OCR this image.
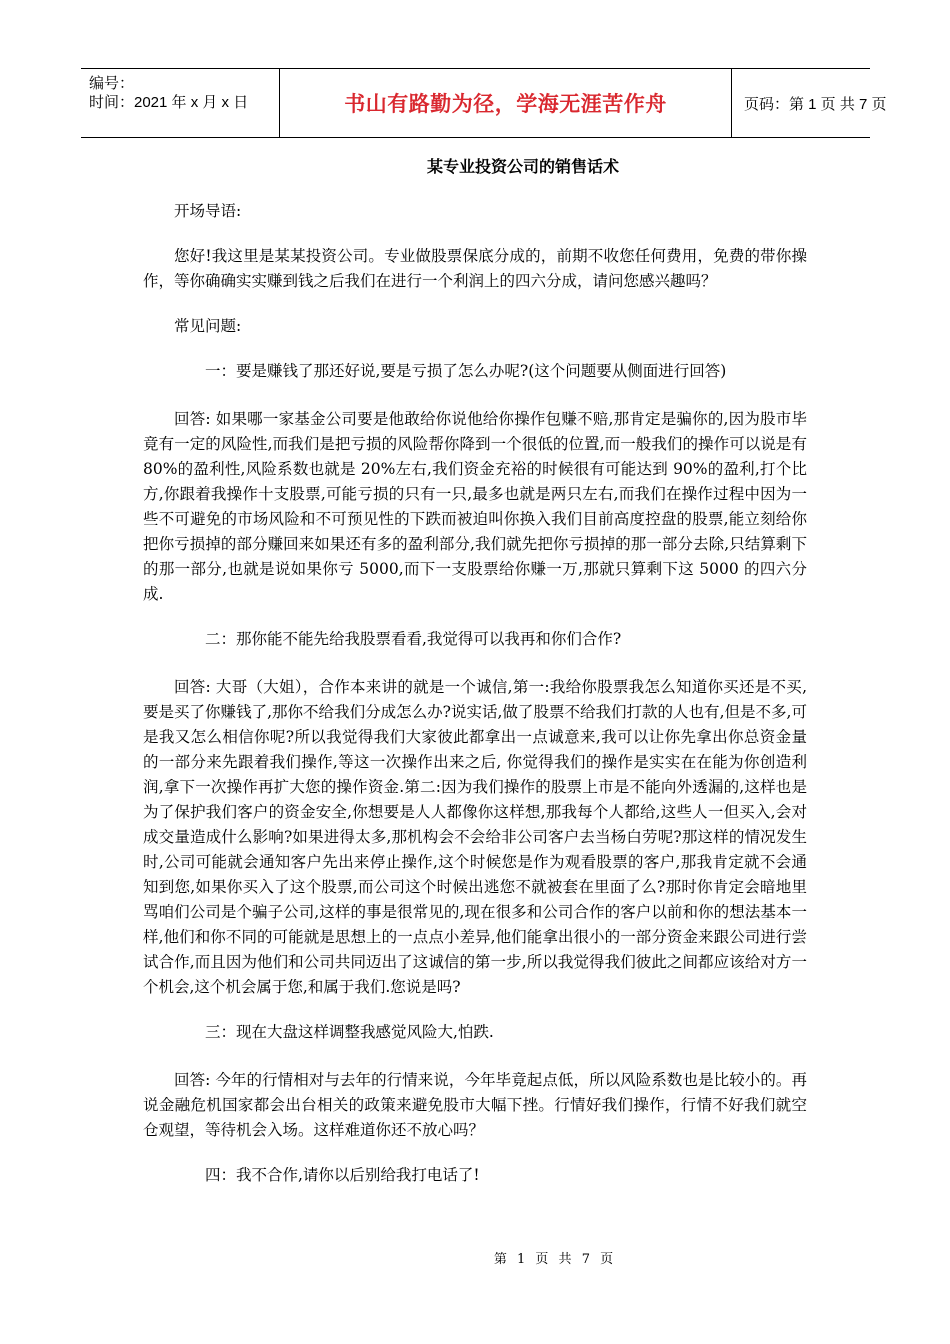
编号：
时间：2021 年 x 月 x 日	书山有路勤为径，学海无涯苦作舟	页码：第 1 页 共 7 页
某专业投资公司的销售话术

开场导语:

您好!我这里是某某投资公司。专业做股票保底分成的，前期不收您任何费用，免费的带你操作，等你确确实实赚到钱之后我们在进行一个利润上的四六分成，请问您感兴趣吗？

常见问题:

一：要是赚钱了那还好说,要是亏损了怎么办呢?(这个问题要从侧面进行回答)

回答: 如果哪一家基金公司要是他敢给你说他给你操作包赚不赔,那肯定是骗你的,因为股市毕竟有一定的风险性,而我们是把亏损的风险帮你降到一个很低的位置,而一般我们的操作可以说是有 80%的盈利性,风险系数也就是 20%左右,我们资金充裕的时候很有可能达到 90%的盈利,打个比方,你跟着我操作十支股票,可能亏损的只有一只,最多也就是两只左右,而我们在操作过程中因为一些不可避免的市场风险和不可预见性的下跌而被迫叫你换入我们目前高度控盘的股票,能立刻给你把你亏损掉的部分赚回来如果还有多的盈利部分,我们就先把你亏损掉的那一部分去除,只结算剩下的那一部分,也就是说如果你亏 5000,而下一支股票给你赚一万,那就只算剩下这 5000 的四六分成.

二：那你能不能先给我股票看看,我觉得可以我再和你们合作?

回答: 大哥（大姐），合作本来讲的就是一个诚信,第一:我给你股票我怎么知道你买还是不买,要是买了你赚钱了,那你不给我们分成怎么办?说实话,做了股票不给我们打款的人也有,但是不多,可是我又怎么相信你呢?所以我觉得我们大家彼此都拿出一点诚意来,我可以让你先拿出你总资金量的一部分来先跟着我们操作,等这一次操作出来之后, 你觉得我们的操作是实实在在能为你创造利润,拿下一次操作再扩大您的操作资金.第二:因为我们操作的股票上市是不能向外透漏的,这样也是为了保护我们客户的资金安全,你想要是人人都像你这样想,那我每个人都给,这些人一但买入,会对成交量造成什么影响?如果进得太多,那机构会不会给非公司客户去当杨白劳呢?那这样的情况发生时,公司可能就会通知客户先出来停止操作,这个时候您是作为观看股票的客户,那我肯定就不会通知到您,如果你买入了这个股票,而公司这个时候出逃您不就被套在里面了么?那时你肯定会暗地里骂咱们公司是个骗子公司,这样的事是很常见的,现在很多和公司合作的客户以前和你的想法基本一样,他们和你不同的可能就是思想上的一点点小差异,他们能拿出很小的一部分资金来跟公司进行尝试合作,而且因为他们和公司共同迈出了这诚信的第一步,所以我觉得我们彼此之间都应该给对方一个机会,这个机会属于您,和属于我们.您说是吗?

三：现在大盘这样调整我感觉风险大,怕跌.

回答: 今年的行情相对与去年的行情来说，今年毕竟起点低，所以风险系数也是比较小的。再说金融危机国家都会出台相关的政策来避免股市大幅下挫。行情好我们操作，行情不好我们就空仓观望，等待机会入场。这样难道你还不放心吗？

四：我不合作,请你以后别给我打电话了!

第 1 页 共 7 页
